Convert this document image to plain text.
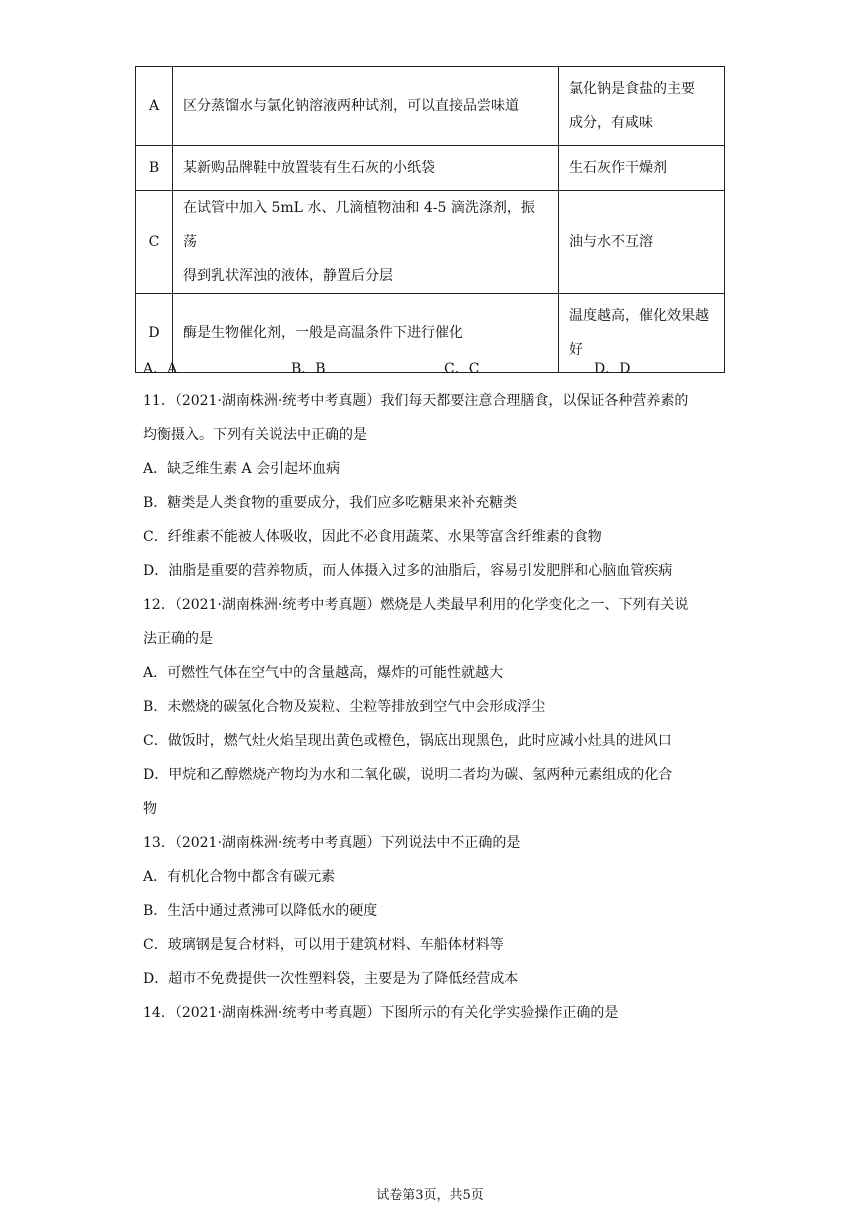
A	区分蒸馏水与氯化钠溶液两种试剂，可以直接品尝味道	氯化钠是食盐的主要
成分，有咸味

B	某新购品牌鞋中放置装有生石灰的小纸袋	生石灰作干燥剂

C	在试管中加入 5mL 水、几滴植物油和 4-5 滴洗涤剂，振荡
得到乳状浑浊的液体，静置后分层	油与水不互溶

D	酶是生物催化剂，一般是高温条件下进行催化	温度越高，催化效果越
好
A．A	B．B	C．C	D．D
11．（2021·湖南株洲·统考中考真题）我们每天都要注意合理膳食，以保证各种营养素的
均衡摄入。下列有关说法中正确的是
A．缺乏维生素 A 会引起坏血病
B．糖类是人类食物的重要成分，我们应多吃糖果来补充糖类
C．纤维素不能被人体吸收，因此不必食用蔬菜、水果等富含纤维素的食物
D．油脂是重要的营养物质，而人体摄入过多的油脂后，容易引发肥胖和心脑血管疾病
12．（2021·湖南株洲·统考中考真题）燃烧是人类最早利用的化学变化之一、下列有关说
法正确的是
A．可燃性气体在空气中的含量越高，爆炸的可能性就越大
B．未燃烧的碳氢化合物及炭粒、尘粒等排放到空气中会形成浮尘
C．做饭时，燃气灶火焰呈现出黄色或橙色，锅底出现黑色，此时应减小灶具的进风口
D．甲烷和乙醇燃烧产物均为水和二氧化碳，说明二者均为碳、氢两种元素组成的化合
物
13．（2021·湖南株洲·统考中考真题）下列说法中不正确的是
A．有机化合物中都含有碳元素
B．生活中通过煮沸可以降低水的硬度
C．玻璃钢是复合材料，可以用于建筑材料、车船体材料等
D．超市不免费提供一次性塑料袋，主要是为了降低经营成本
14．（2021·湖南株洲·统考中考真题）下图所示的有关化学实验操作正确的是
试卷第3页，共5页
